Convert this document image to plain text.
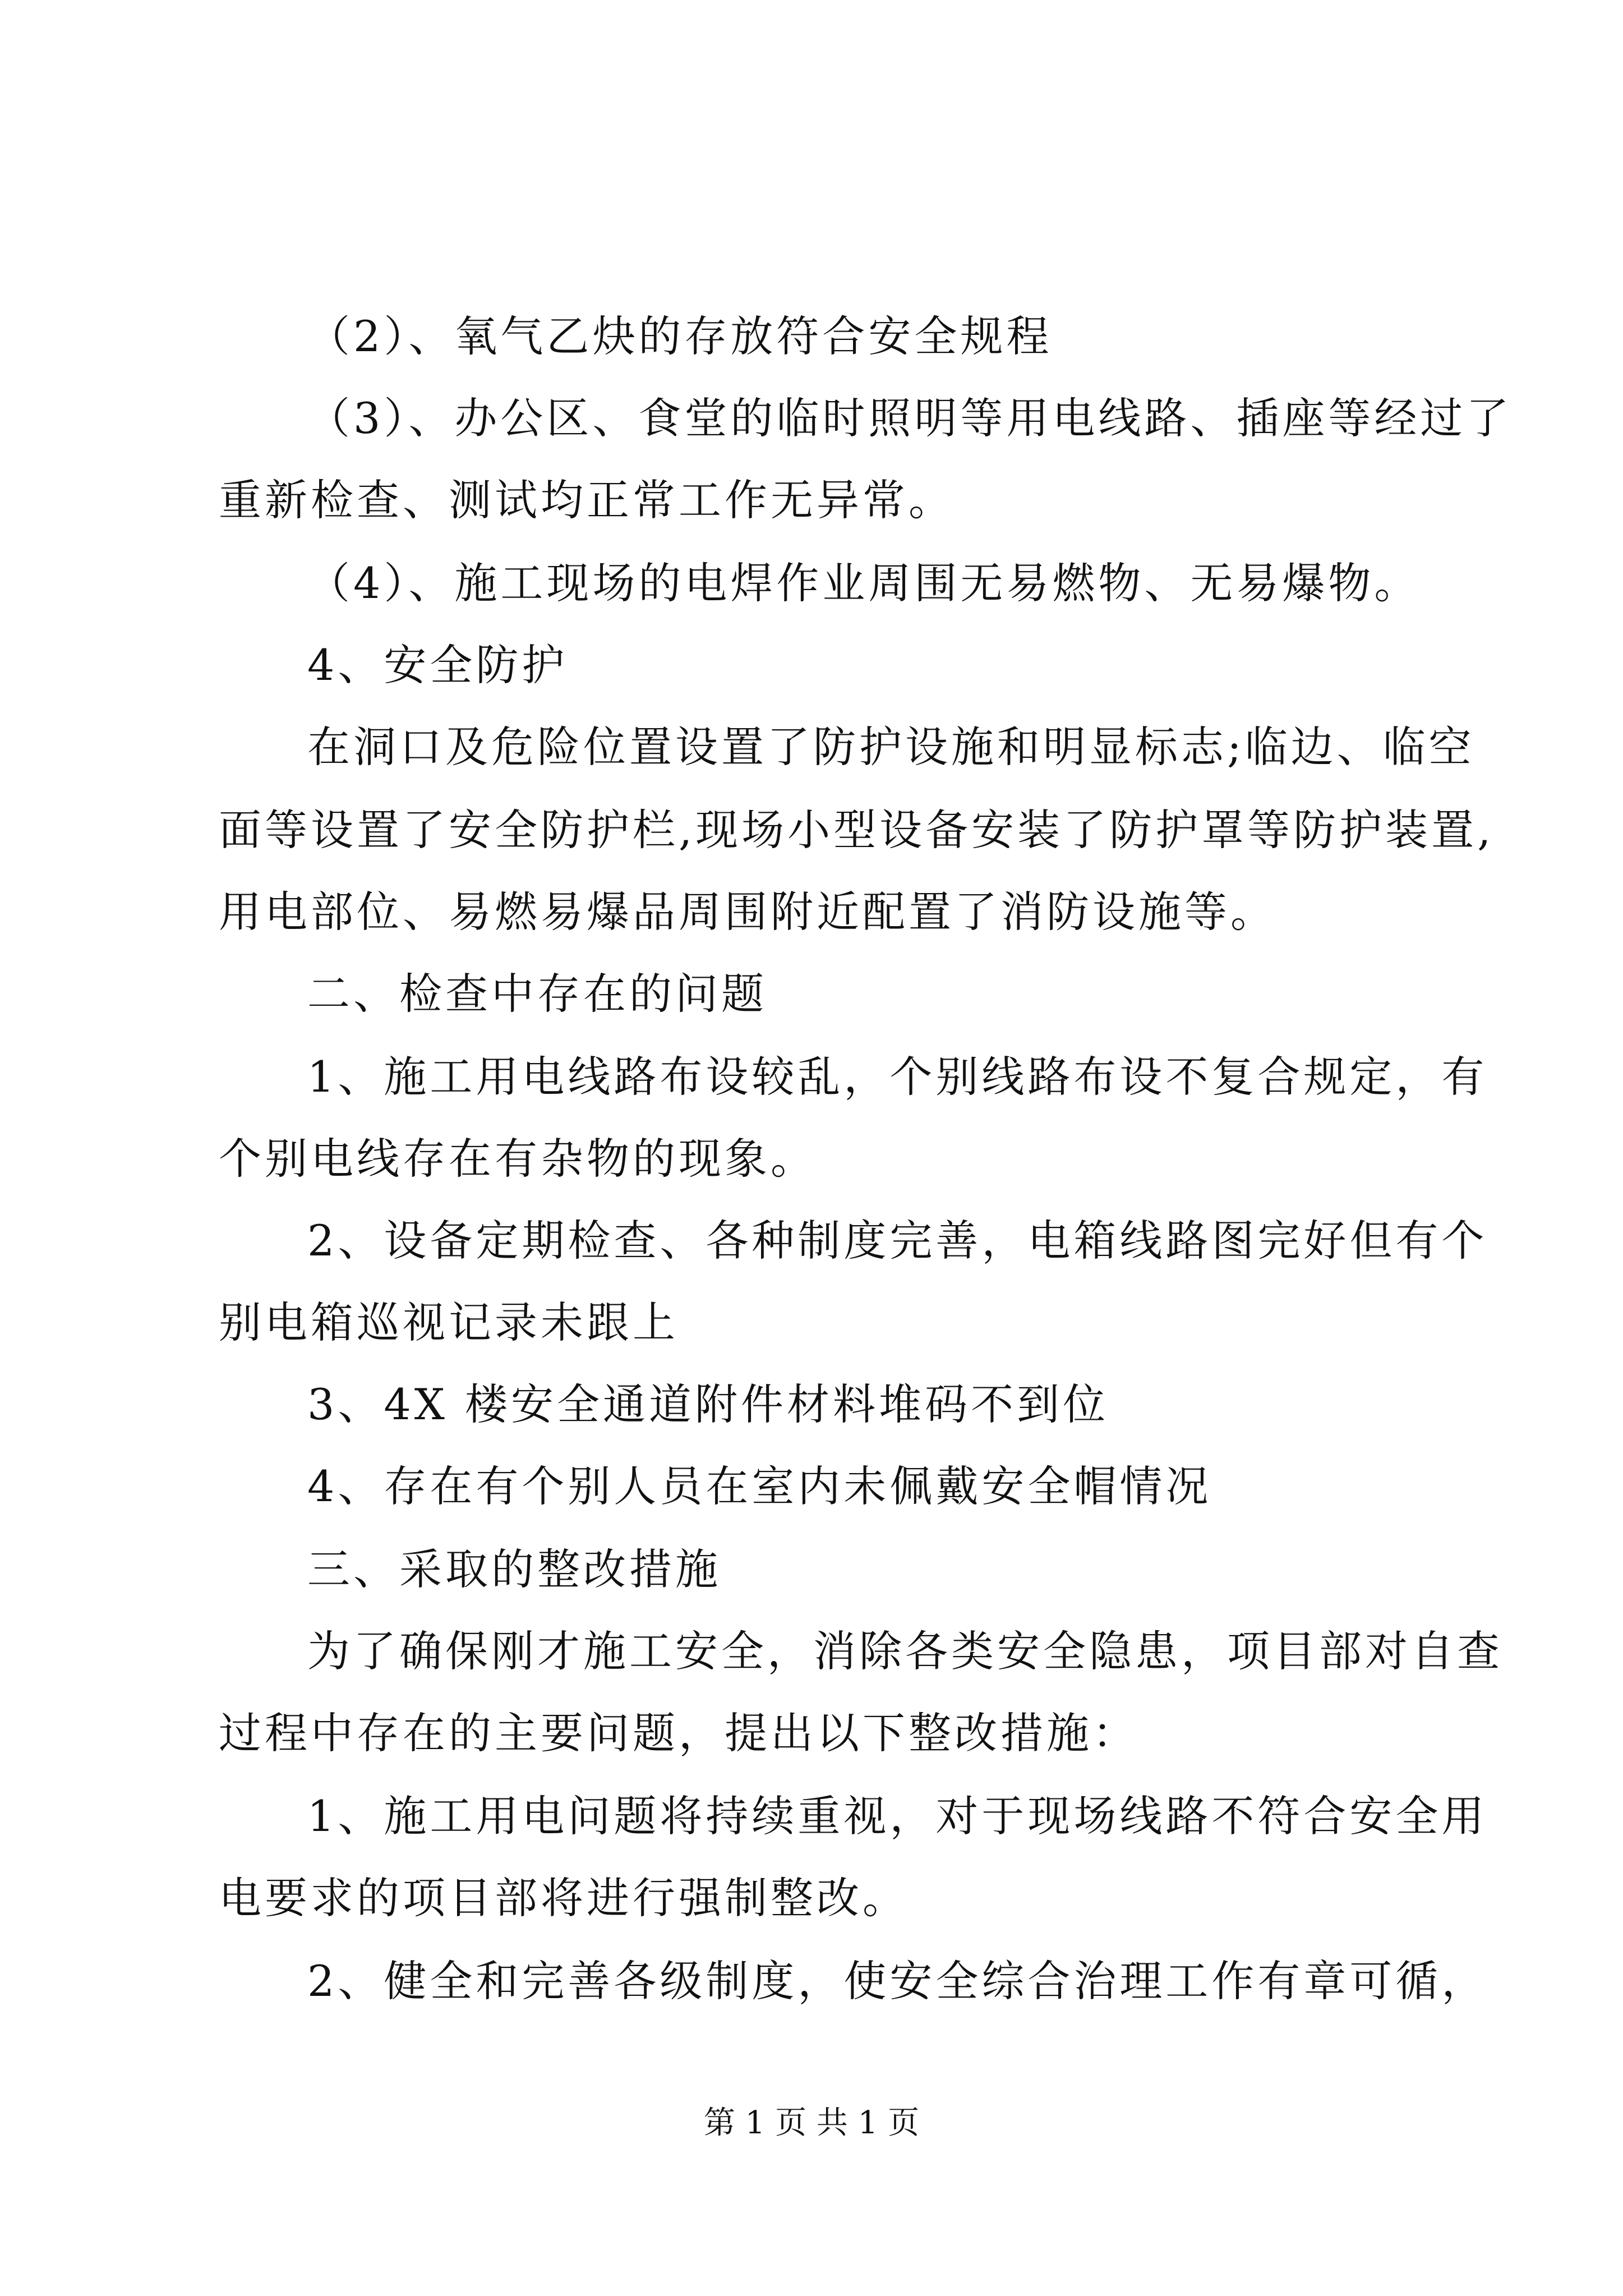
（2）、氧气乙炔的存放符合安全规程
（3）、办公区、食堂的临时照明等用电线路、插座等经过了
重新检查、测试均正常工作无异常。
（4）、施工现场的电焊作业周围无易燃物、无易爆物。
4、安全防护
在洞口及危险位置设置了防护设施和明显标志;临边、临空
面等设置了安全防护栏,现场小型设备安装了防护罩等防护装置,
用电部位、易燃易爆品周围附近配置了消防设施等。
二、检查中存在的问题
1、施工用电线路布设较乱，个别线路布设不复合规定，有
个别电线存在有杂物的现象。
2、设备定期检查、各种制度完善，电箱线路图完好但有个
别电箱巡视记录未跟上
3、4X 楼安全通道附件材料堆码不到位
4、存在有个别人员在室内未佩戴安全帽情况
三、采取的整改措施
为了确保刚才施工安全，消除各类安全隐患，项目部对自查
过程中存在的主要问题，提出以下整改措施：
1、施工用电问题将持续重视，对于现场线路不符合安全用
电要求的项目部将进行强制整改。
2、健全和完善各级制度，使安全综合治理工作有章可循，
第 1 页 共 1 页
